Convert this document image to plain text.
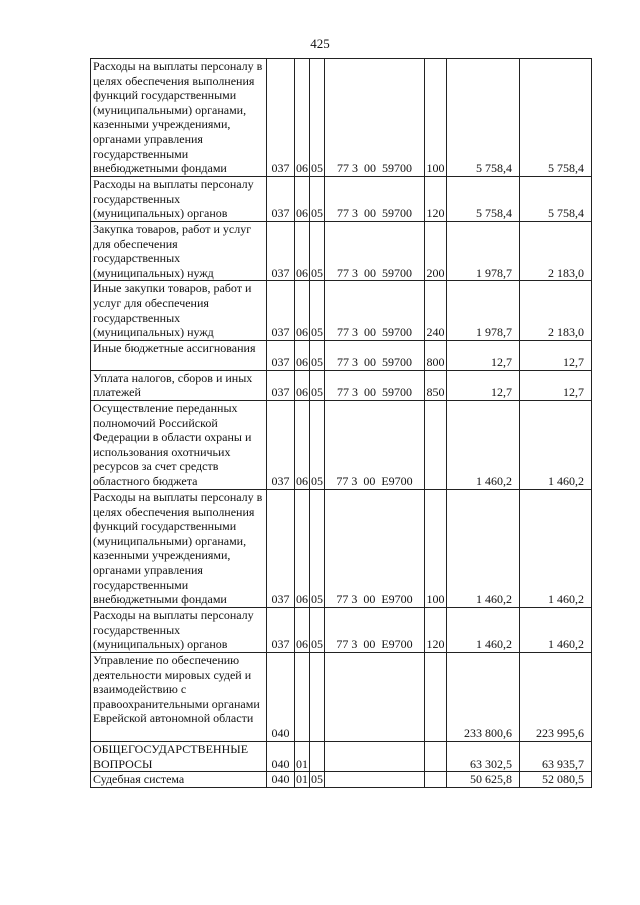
425
Расходы на выплаты персоналу в целях обеспечения выполнения функций государственными (муниципальными) органами, казенными учреждениями, органами управления государственными внебюджетными фондами	037	06	05	77 3 00 59700	100	5 758,4	5 758,4
Расходы на выплаты персоналу государственных (муниципальных) органов	037	06	05	77 3 00 59700	120	5 758,4	5 758,4
Закупка товаров, работ и услуг для обеспечения государственных (муниципальных) нужд	037	06	05	77 3 00 59700	200	1 978,7	2 183,0
Иные закупки товаров, работ и услуг для обеспечения государственных (муниципальных) нужд	037	06	05	77 3 00 59700	240	1 978,7	2 183,0
Иные бюджетные ассигнования	037	06	05	77 3 00 59700	800	12,7	12,7
Уплата налогов, сборов и иных платежей	037	06	05	77 3 00 59700	850	12,7	12,7
Осуществление переданных полномочий Российской Федерации в области охраны и использования охотничьих ресурсов за счет средств областного бюджета	037	06	05	77 3 00 Е9700		1 460,2	1 460,2
Расходы на выплаты персоналу в целях обеспечения выполнения функций государственными (муниципальными) органами, казенными учреждениями, органами управления государственными внебюджетными фондами	037	06	05	77 3 00 Е9700	100	1 460,2	1 460,2
Расходы на выплаты персоналу государственных (муниципальных) органов	037	06	05	77 3 00 Е9700	120	1 460,2	1 460,2
Управление по обеспечению деятельности мировых судей и взаимодействию с правоохранительными органами Еврейской автономной области	040					233 800,6	223 995,6
ОБЩЕГОСУДАРСТВЕННЫЕ ВОПРОСЫ	040	01				63 302,5	63 935,7
Судебная система	040	01	05			50 625,8	52 080,5
